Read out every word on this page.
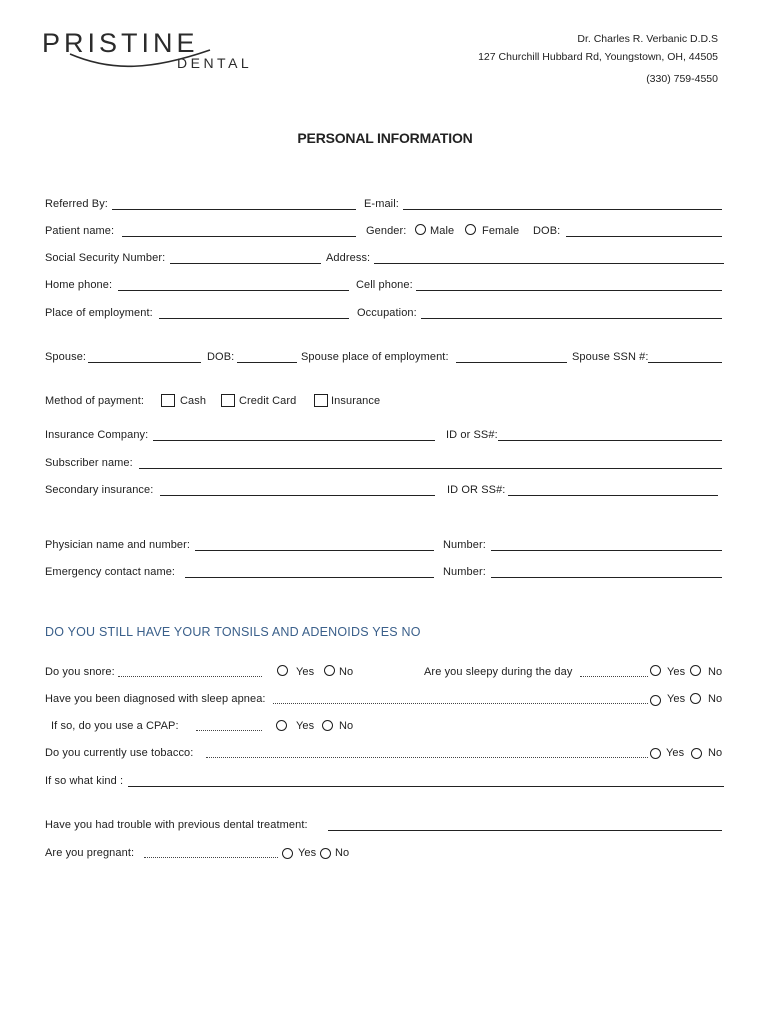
PRISTINE
DENTAL
Dr. Charles R. Verbanic D.D.S
127 Churchill Hubbard Rd, Youngstown, OH, 44505
(330) 759-4550
PERSONAL INFORMATION
Referred By:	E-mail:
Patient name:	Gender: Male	Female DOB:
Social Security Number:	Address:
Home phone:	Cell phone:
Place of employment:	Occupation:
Spouse:	DOB:	Spouse place of employment:	Spouse SSN #:
Method of payment:	Cash	Credit Card	Insurance
Insurance Company:	ID or SS#:
Subscriber name:
Secondary insurance:	ID OR SS#:
Physician name and number:	Number:
Emergency contact name:	Number:
DO YOU STILL HAVE YOUR TONSILS AND ADENOIDS YES NO
Do you snore:	Yes No	Are you sleepy during the day	Yes No
Have you been diagnosed with sleep apnea:	Yes No
If so, do you use a CPAP:	Yes No
Do you currently use tobacco:	Yes No
If so what kind :
Have you had trouble with previous dental treatment:
Are you pregnant:	Yes No
